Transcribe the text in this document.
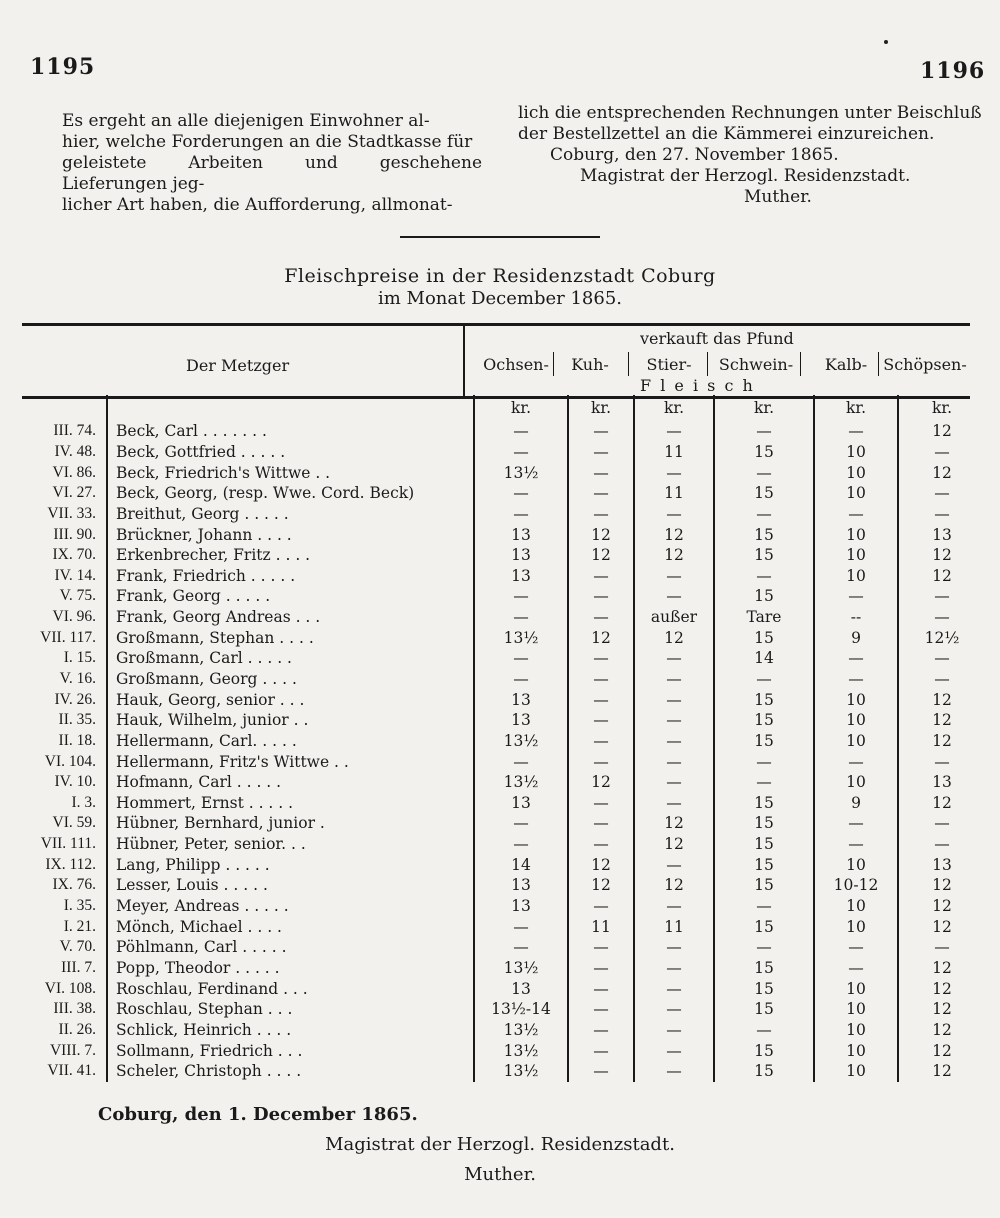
1195	1196
Es ergeht an alle diejenigen Einwohner al-
hier, welche Forderungen an die Stadtkasse für
geleistete Arbeiten und geschehene Lieferungen jeg-
licher Art haben, die Aufforderung, allmonat-
lich die entsprechenden Rechnungen unter Beischluß
der Bestellzettel an die Kämmerei einzureichen.
Coburg, den 27. November 1865.
Magistrat der Herzogl. Residenzstadt.
Muther.
Fleischpreise in der Residenzstadt Coburg
im Monat December 1865.
Der Metzger
verkauft das Pfund
Ochsen-	Kuh-	Stier-	Schwein-	Kalb-	Schöpsen-
F l e i s c h
		kr.	kr.	kr.	kr.	kr.	kr.
III. 74.	Beck, Carl . . . . . . .	—	—	—	—	—	12
IV. 48.	Beck, Gottfried . . . . .	—	—	11	15	10	—
VI. 86.	Beck, Friedrich's Wittwe . .	13½	—	—	—	10	12
VI. 27.	Beck, Georg, (resp. Wwe. Cord. Beck)	—	—	11	15	10	—
VII. 33.	Breithut, Georg . . . . .	—	—	—	—	—	—
III. 90.	Brückner, Johann . . . .	13	12	12	15	10	13
IX. 70.	Erkenbrecher, Fritz . . . .	13	12	12	15	10	12
IV. 14.	Frank, Friedrich . . . . .	13	—	—	—	10	12
V. 75.	Frank, Georg . . . . .	—	—	—	15	—	—
VI. 96.	Frank, Georg Andreas . . .	—	—	außer	Tare	--	—
VII. 117.	Großmann, Stephan . . . .	13½	12	12	15	9	12½
I. 15.	Großmann, Carl . . . . .	—	—	—	14	—	—
V. 16.	Großmann, Georg . . . .	—	—	—	—	—	—
IV. 26.	Hauk, Georg, senior . . .	13	—	—	15	10	12
II. 35.	Hauk, Wilhelm, junior . .	13	—	—	15	10	12
II. 18.	Hellermann, Carl. . . . .	13½	—	—	15	10	12
VI. 104.	Hellermann, Fritz's Wittwe . .	—	—	—	—	—	—
IV. 10.	Hofmann, Carl . . . . .	13½	12	—	—	10	13
I. 3.	Hommert, Ernst . . . . .	13	—	—	15	9	12
VI. 59.	Hübner, Bernhard, junior .	—	—	12	15	—	—
VII. 111.	Hübner, Peter, senior. . .	—	—	12	15	—	—
IX. 112.	Lang, Philipp . . . . .	14	12	—	15	10	13
IX. 76.	Lesser, Louis . . . . .	13	12	12	15	10-12	12
I. 35.	Meyer, Andreas . . . . .	13	—	—	—	10	12
I. 21.	Mönch, Michael . . . .	—	11	11	15	10	12
V. 70.	Pöhlmann, Carl . . . . .	—	—	—	—	—	—
III. 7.	Popp, Theodor . . . . .	13½	—	—	15	—	12
VI. 108.	Roschlau, Ferdinand . . .	13	—	—	15	10	12
III. 38.	Roschlau, Stephan . . .	13½-14	—	—	15	10	12
II. 26.	Schlick, Heinrich . . . .	13½	—	—	—	10	12
VIII. 7.	Sollmann, Friedrich . . .	13½	—	—	15	10	12
VII. 41.	Scheler, Christoph . . . .	13½	—	—	15	10	12
Coburg, den 1. December 1865.
Magistrat der Herzogl. Residenzstadt.
Muther.
